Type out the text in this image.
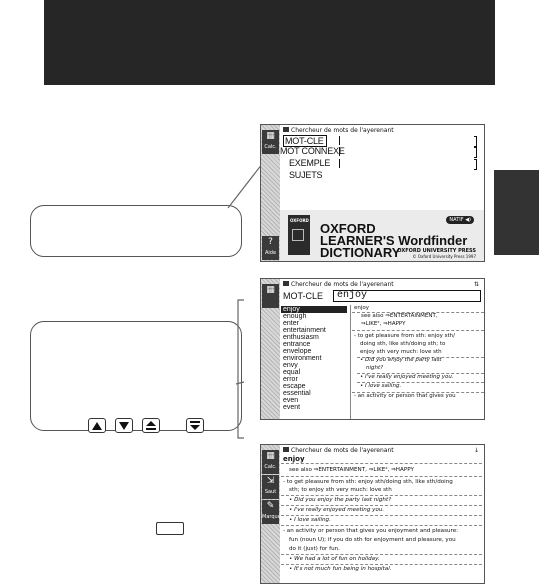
▦
Calc.
?
Aide
Chercheur de mots de l'ayerenant
MOT-CLE
MOT CONNEXE
EXEMPLE
SUJETS
OXFORD
OXFORD
LEARNER'S Wordfinder
DICTIONARY
NATIF ◀)
OXFORD UNIVERSITY PRESS
© Oxford University Press 1997
▦
Chercheur de mots de l'ayerenant	⇅
MOT-CLE	enjoy
enjoy
enough
enter
entertainment
enthusiasm
entrance
envelope
environment
envy
equal
error
escape
essential
even
event
enjoy
see also ⇒ENTERTAINMENT,
⇒LIKE², ⇒HAPPY
- to get pleasure from sth: enjoy sth/
doing sth, like sth/doing sth; to
enjoy sth very much: love sth
• Did you enjoy the party last
night?
• I've really enjoyed meeting you.
• I love sailing.
- an activity or person that gives you
▦
Calc.
⇲
Saut
✎
Marqueur
Chercheur de mots de l'ayerenant	↓
enjoy
see also ⇒ENTERTAINMENT, ⇒LIKE², ⇒HAPPY
- to get pleasure from sth: enjoy sth/doing sth, like sth/doing
sth; to enjoy sth very much: love sth
• Did you enjoy the party last night?
• I've really enjoyed meeting you.
• I love sailing.
- an activity or person that gives you enjoyment and pleasure:
fun (noun U); if you do sth for enjoyment and pleasure, you
do it (just) for fun.
• We had a lot of fun on holiday.
• It's not much fun being in hospital.
